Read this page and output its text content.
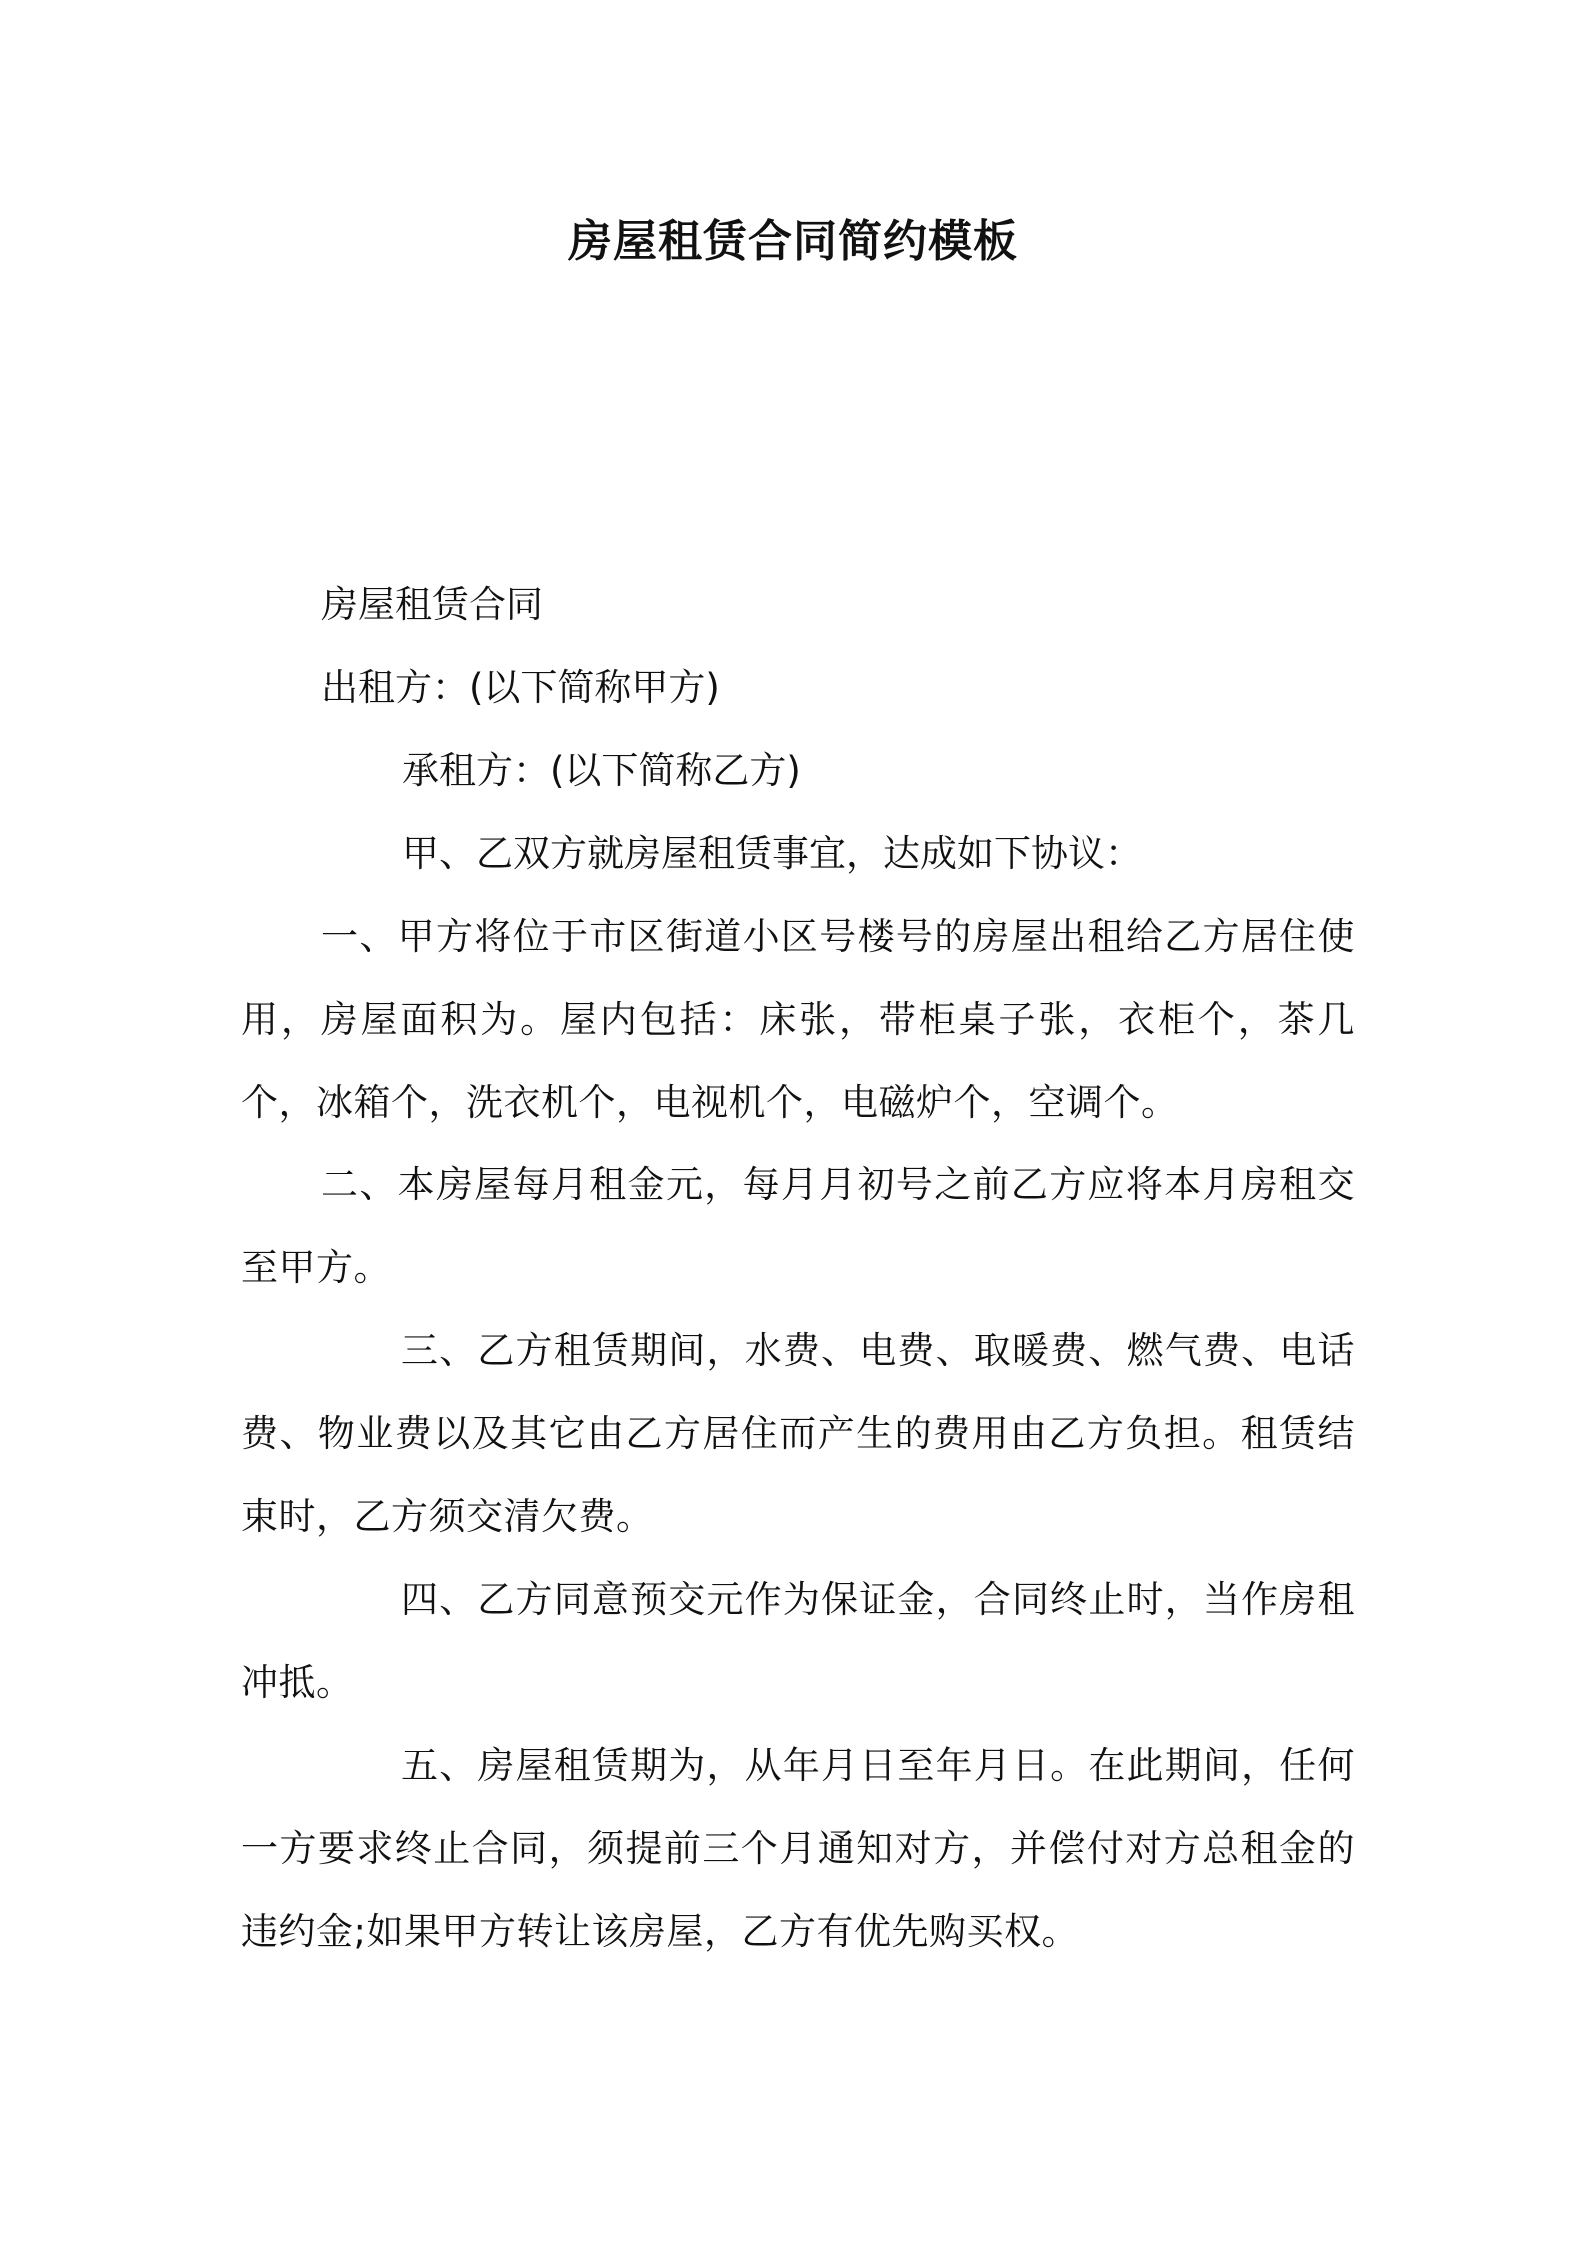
房屋租赁合同简约模板
房屋租赁合同
出租方：(以下简称甲方)
承租方：(以下简称乙方)
甲、乙双方就房屋租赁事宜，达成如下协议：
一、甲方将位于市区街道小区号楼号的房屋出租给乙方居住使用，房屋面积为。屋内包括：床张，带柜桌子张，衣柜个，茶几个，冰箱个，洗衣机个，电视机个，电磁炉个，空调个。
二、本房屋每月租金元，每月月初号之前乙方应将本月房租交至甲方。
三、乙方租赁期间，水费、电费、取暖费、燃气费、电话费、物业费以及其它由乙方居住而产生的费用由乙方负担。租赁结束时，乙方须交清欠费。
四、乙方同意预交元作为保证金，合同终止时，当作房租冲抵。
五、房屋租赁期为，从年月日至年月日。在此期间，任何一方要求终止合同，须提前三个月通知对方，并偿付对方总租金的违约金;如果甲方转让该房屋，乙方有优先购买权。
